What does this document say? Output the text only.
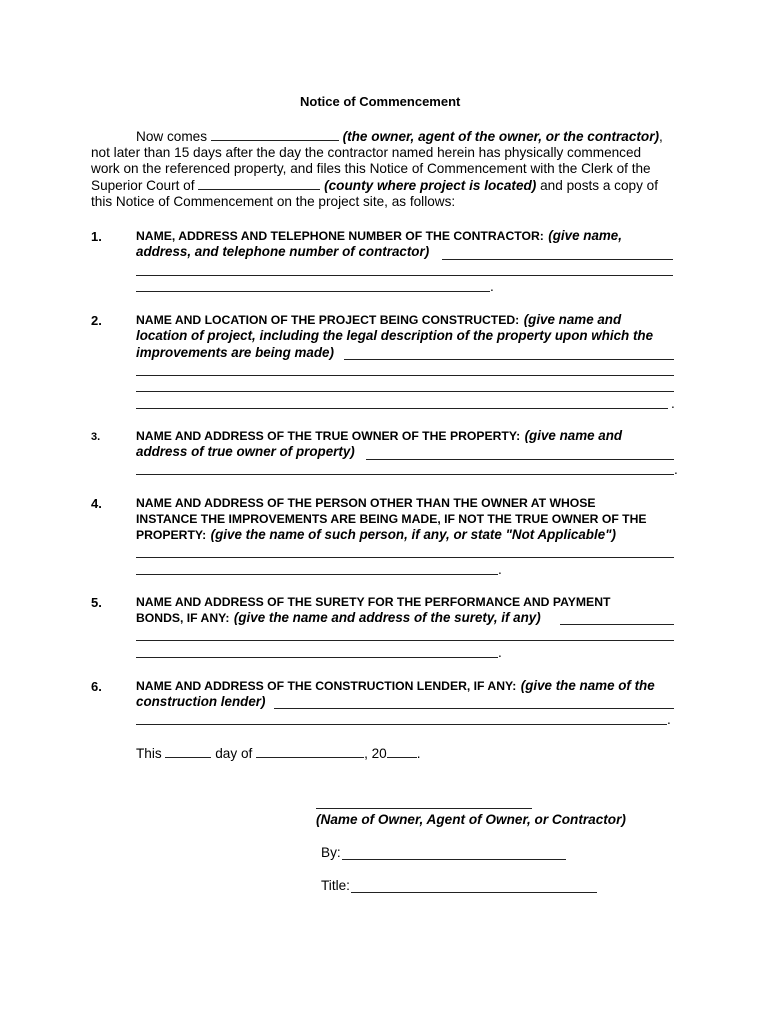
Notice of Commencement
Now comes	(the owner, agent of the owner, or the contractor),
not later than 15 days after the day the contractor named herein has physically commenced
work on the referenced property, and files this Notice of Commencement with the Clerk of the
Superior Court of	(county where project is located) and posts a copy of
this Notice of Commencement on the project site, as follows:
1.	NAME, ADDRESS AND TELEPHONE NUMBER OF THE CONTRACTOR: (give name,
address, and telephone number of contractor)
.
2.	NAME AND LOCATION OF THE PROJECT BEING CONSTRUCTED: (give name and
location of project, including the legal description of the property upon which the
improvements are being made)
.
3.	NAME AND ADDRESS OF THE TRUE OWNER OF THE PROPERTY: (give name and
address of true owner of property)
.
4.	NAME AND ADDRESS OF THE PERSON OTHER THAN THE OWNER AT WHOSE
INSTANCE THE IMPROVEMENTS ARE BEING MADE, IF NOT THE TRUE OWNER OF THE
PROPERTY: (give the name of such person, if any, or state "Not Applicable")
.
5.	NAME AND ADDRESS OF THE SURETY FOR THE PERFORMANCE AND PAYMENT
BONDS, IF ANY: (give the name and address of the surety, if any)
.
6.	NAME AND ADDRESS OF THE CONSTRUCTION LENDER, IF ANY: (give the name of the
construction lender)
.
This	day of	, 20 .
(Name of Owner, Agent of Owner, or Contractor)
By:
Title:
